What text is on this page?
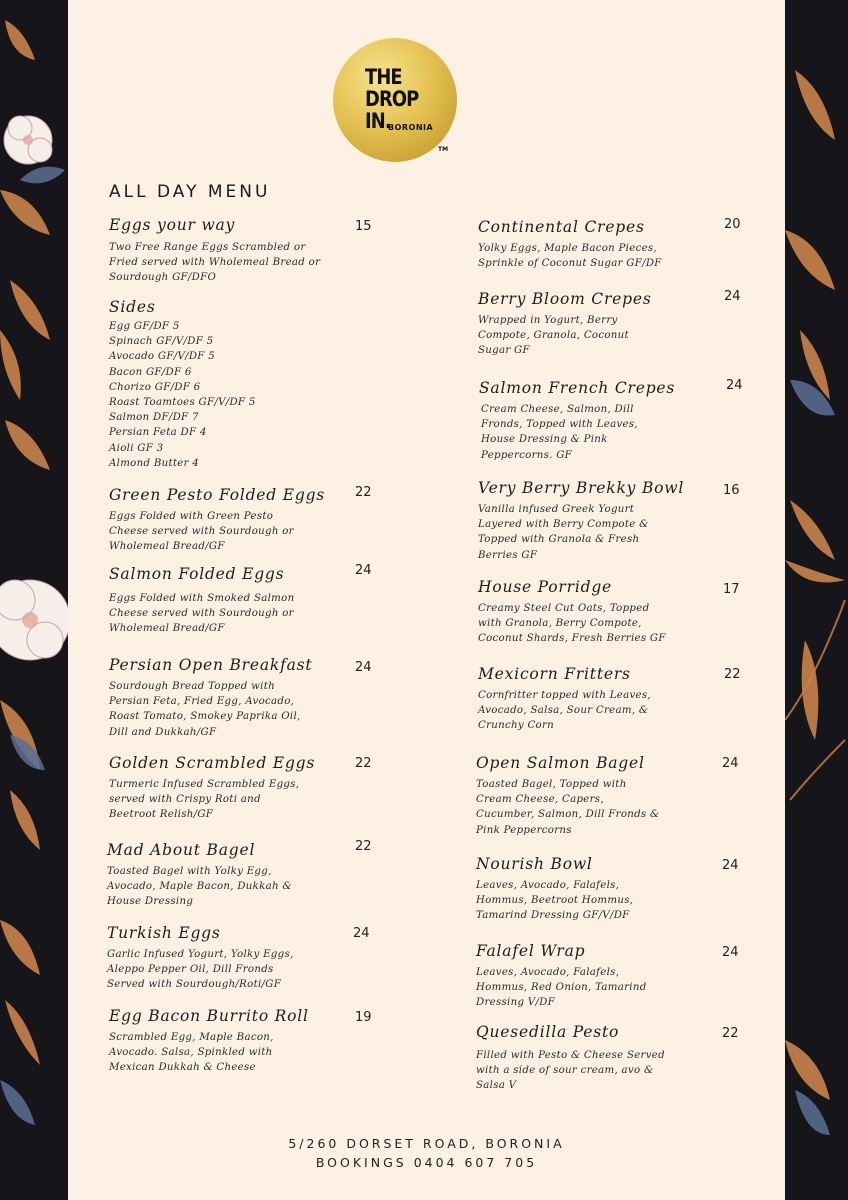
THE
DROP
IN.
BORONIA
TM
ALL DAY MENU
Eggs your way
Two Free Range Eggs Scrambled or
Fried served with Wholemeal Bread or
Sourdough GF/DFO
15
Sides
Egg GF/DF 5
Spinach GF/V/DF 5
Avocado GF/V/DF 5
Bacon GF/DF 6
Chorizo GF/DF 6
Roast Toamtoes GF/V/DF 5
Salmon DF/DF 7
Persian Feta DF 4
Aioli GF 3
Almond Butter 4
Green Pesto Folded Eggs
Eggs Folded with Green Pesto
Cheese served with Sourdough or
Wholemeal Bread/GF
22
Salmon Folded Eggs
Eggs Folded with Smoked Salmon
Cheese served with Sourdough or
Wholemeal Bread/GF
24
Persian Open Breakfast
Sourdough Bread Topped with
Persian Feta, Fried Egg, Avocado,
Roast Tomato, Smokey Paprika Oil,
Dill and Dukkah/GF
24
Golden Scrambled Eggs
Turmeric Infused Scrambled Eggs,
served with Crispy Roti and
Beetroot Relish/GF
22
Mad About Bagel
Toasted Bagel with Yolky Egg,
Avocado, Maple Bacon, Dukkah &
House Dressing
22
Turkish Eggs
Garlic Infused Yogurt, Yolky Eggs,
Aleppo Pepper Oil, Dill Fronds
Served with Sourdough/Roti/GF
24
Egg Bacon Burrito Roll
Scrambled Egg, Maple Bacon,
Avocado. Salsa, Spinkled with
Mexican Dukkah & Cheese
19
Continental Crepes
Yolky Eggs, Maple Bacon Pieces,
Sprinkle of Coconut Sugar GF/DF
20
Berry Bloom Crepes
Wrapped in Yogurt, Berry
Compote, Granola, Coconut
Sugar GF
24
Salmon French Crepes
Cream Cheese, Salmon, Dill
Fronds, Topped with Leaves,
House Dressing & Pink
Peppercorns. GF
24
Very Berry Brekky Bowl
Vanilla infused Greek Yogurt
Layered with Berry Compote &
Topped with Granola & Fresh
Berries GF
16
House Porridge
Creamy Steel Cut Oats, Topped
with Granola, Berry Compote,
Coconut Shards, Fresh Berries GF
17
Mexicorn Fritters
Cornfritter topped with Leaves,
Avocado, Salsa, Sour Cream, &
Crunchy Corn
22
Open Salmon Bagel
Toasted Bagel, Topped with
Cream Cheese, Capers,
Cucumber, Salmon, Dill Fronds &
Pink Peppercorns
24
Nourish Bowl
Leaves, Avocado, Falafels,
Hommus, Beetroot Hommus,
Tamarind Dressing GF/V/DF
24
Falafel Wrap
Leaves, Avocado, Falafels,
Hommus, Red Onion, Tamarind
Dressing V/DF
24
Quesedilla Pesto
Filled with Pesto & Cheese Served
with a side of sour cream, avo &
Salsa V
22
5/260 DORSET ROAD, BORONIA
BOOKINGS 0404 607 705
